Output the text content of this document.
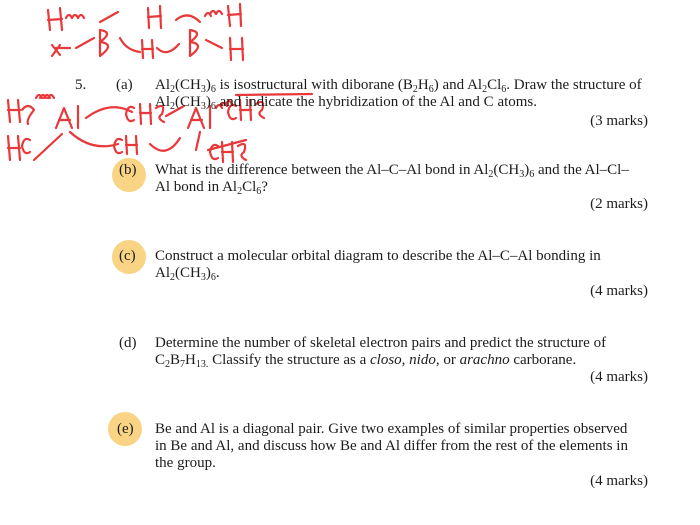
5. (a) $Al_2(CH_3)_6$ is isostructural with diborane $(B_2H_6)$ and $Al_2Cl_6$. Draw the structure of
$Al_2(CH_3)_6$ and indicate the hybridization of the Al and C atoms.
(3 marks)
(b) What is the difference between the Al–C–Al bond in $Al_2(CH_3)_6$ and the Al–Cl–
Al bond in $Al_2Cl_6$?
(2 marks)
(c) Construct a molecular orbital diagram to describe the Al–C–Al bonding in
$Al_2(CH_3)_6$.
(4 marks)
(d) Determine the number of skeletal electron pairs and predict the structure of
$C_2B_7H_{13.}$ Classify the structure as a closo, nido, or arachno carborane.
(4 marks)
(e) Be and Al is a diagonal pair. Give two examples of similar properties observed
in Be and Al, and discuss how Be and Al differ from the rest of the elements in
the group.
(4 marks)
